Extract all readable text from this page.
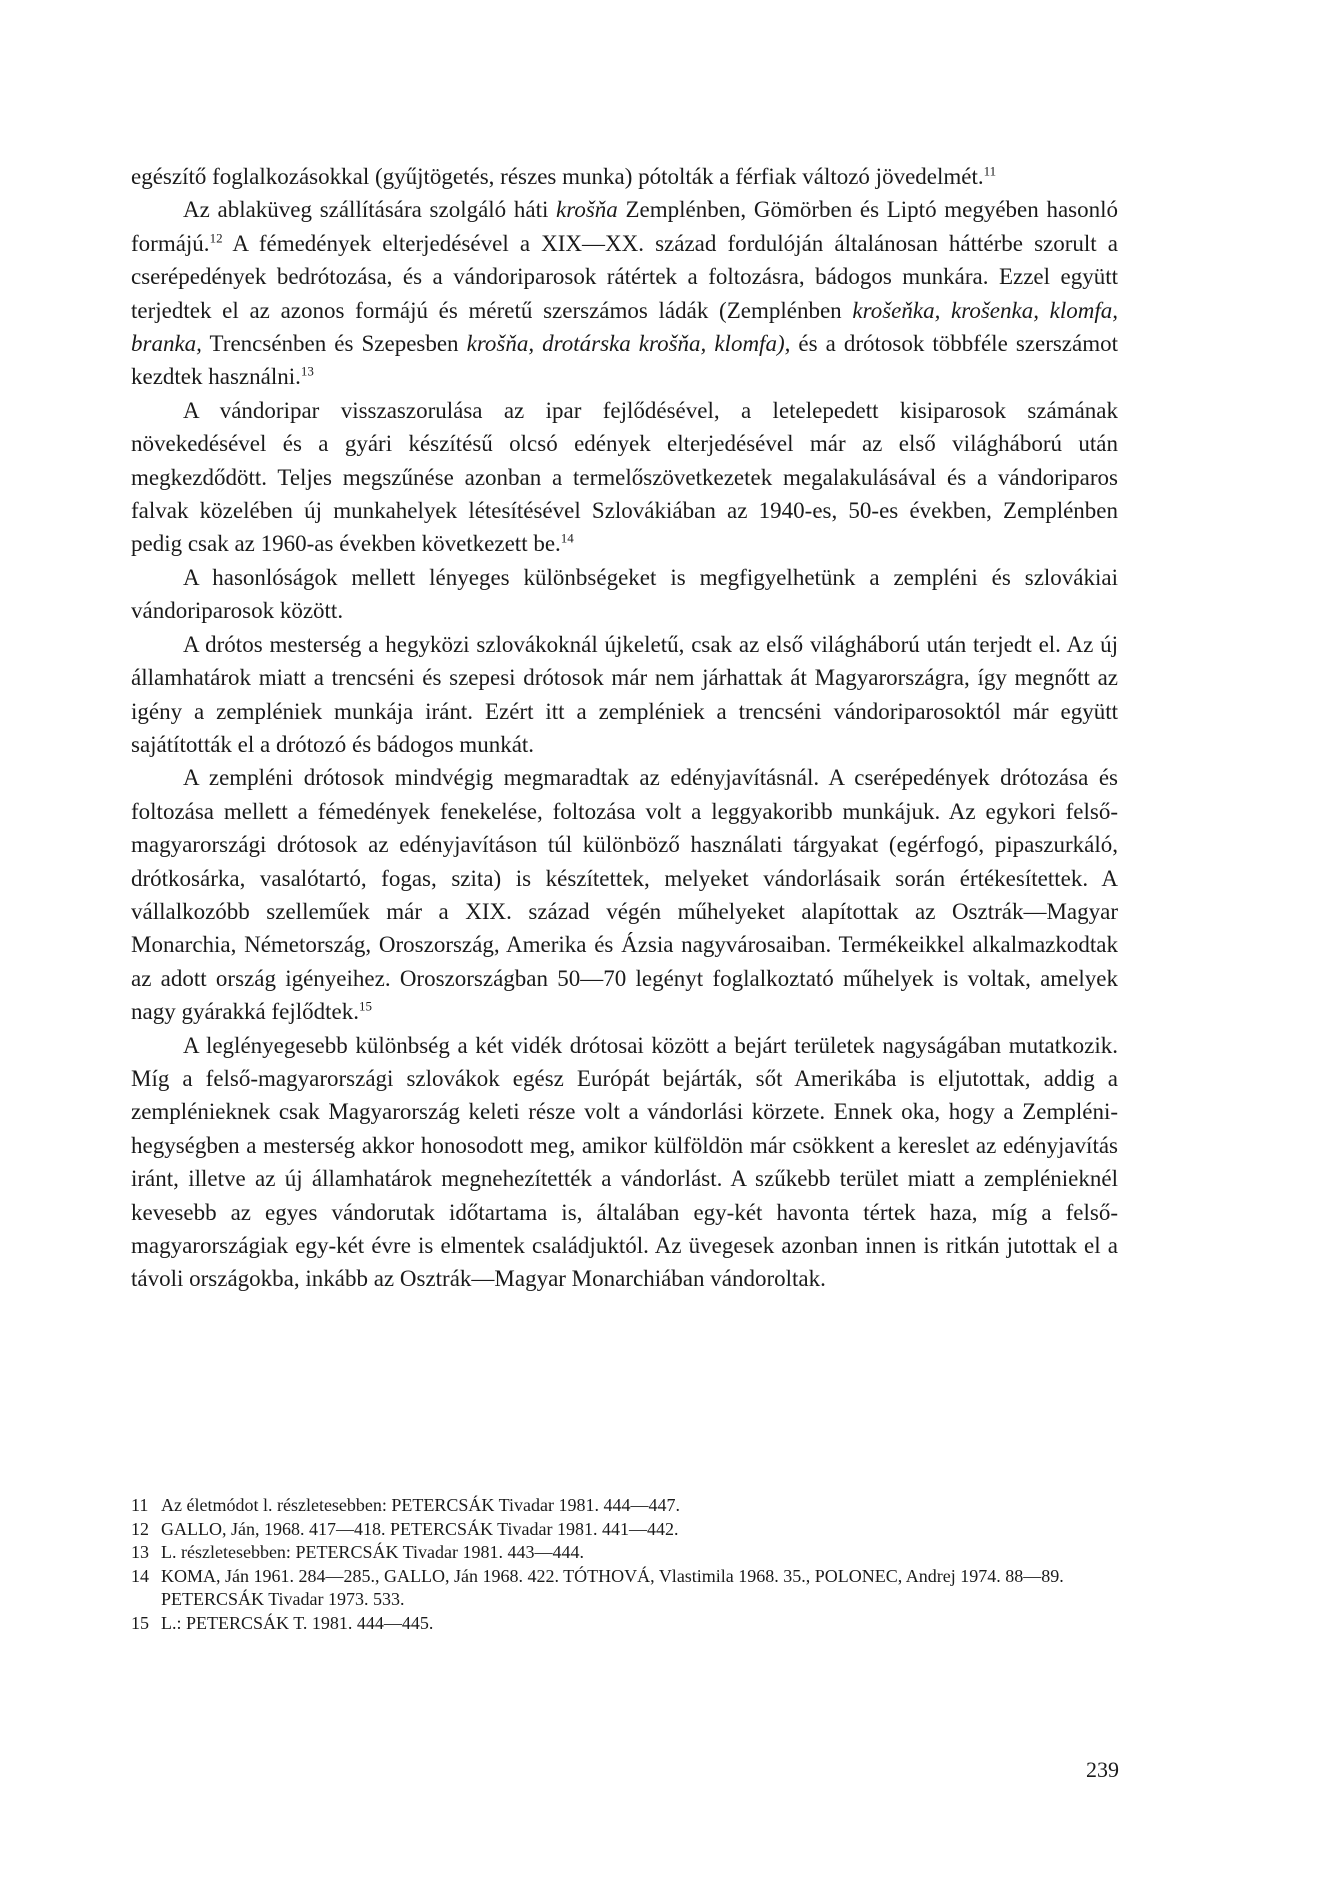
egészítő foglalkozásokkal (gyűjtögetés, részes munka) pótolták a férfiak változó jövedelmét.$^{11}$

Az ablaküveg szállítására szolgáló háti krošňa Zemplénben, Gömörben és Liptó megyében hasonló formájú.$^{12}$ A fémedények elterjedésével a XIX—XX. század fordulóján általánosan háttérbe szorult a cserépedények bedrótozása, és a vándoriparosok rátértek a foltozásra, bádogos munkára. Ezzel együtt terjedtek el az azonos formájú és méretű szerszámos ládák (Zemplénben krošeňka, krošenka, klomfa, branka, Trencsénben és Szepesben krošňa, drotárska krošňa, klomfa), és a drótosok többféle szerszámot kezdtek használni.$^{13}$

A vándoripar visszaszorulása az ipar fejlődésével, a letelepedett kisiparosok számának növekedésével és a gyári készítésű olcsó edények elterjedésével már az első világháború után megkezdődött. Teljes megszűnése azonban a termelőszövetkezetek megalakulásával és a vándoriparos falvak közelében új munkahelyek létesítésével Szlovákiában az 1940-es, 50-es években, Zemplénben pedig csak az 1960-as években következett be.$^{14}$

A hasonlóságok mellett lényeges különbségeket is megfigyelhetünk a zempléni és szlovákiai vándoriparosok között.

A drótos mesterség a hegyközi szlovákoknál újkeletű, csak az első világháború után terjedt el. Az új államhatárok miatt a trencséni és szepesi drótosok már nem járhattak át Magyarországra, így megnőtt az igény a zempléniek munkája iránt. Ezért itt a zempléniek a trencséni vándoriparosoktól már együtt sajátították el a drótozó és bádogos munkát.

A zempléni drótosok mindvégig megmaradtak az edényjavításnál. A cserépedények drótozása és foltozása mellett a fémedények fenekelése, foltozása volt a leggyakoribb munkájuk. Az egykori felső-magyarországi drótosok az edényjavításon túl különböző használati tárgyakat (egérfogó, pipaszurkáló, drótkosárka, vasalótartó, fogas, szita) is készítettek, melyeket vándorlásaik során értékesítettek. A vállalkozóbb szelleműek már a XIX. század végén műhelyeket alapítottak az Osztrák—Magyar Monarchia, Németország, Oroszország, Amerika és Ázsia nagyvárosaiban. Termékeikkel alkalmazkodtak az adott ország igényeihez. Oroszországban 50—70 legényt foglalkoztató műhelyek is voltak, amelyek nagy gyárakká fejlődtek.$^{15}$

A leglényegesebb különbség a két vidék drótosai között a bejárt területek nagyságában mutatkozik. Míg a felső-magyarországi szlovákok egész Európát bejárták, sőt Amerikába is eljutottak, addig a zemplénieknek csak Magyarország keleti része volt a vándorlási körzete. Ennek oka, hogy a Zempléni-hegységben a mesterség akkor honosodott meg, amikor külföldön már csökkent a kereslet az edényjavítás iránt, illetve az új államhatárok megnehezítették a vándorlást. A szűkebb terület miatt a zemplénieknél kevesebb az egyes vándorutak időtartama is, általában egy-két havonta tértek haza, míg a felső-magyarországiak egy-két évre is elmentek családjuktól. Az üvegesek azonban innen is ritkán jutottak el a távoli országokba, inkább az Osztrák—Magyar Monarchiában vándoroltak.

11 Az életmódot l. részletesebben: PETERCSÁK Tivadar 1981. 444—447.
12 GALLO, Ján, 1968. 417—418. PETERCSÁK Tivadar 1981. 441—442.
13 L. részletesebben: PETERCSÁK Tivadar 1981. 443—444.
14 KOMA, Ján 1961. 284—285., GALLO, Ján 1968. 422. TÓTHOVÁ, Vlastimila 1968. 35., POLONEC, Andrej 1974. 88—89. PETERCSÁK Tivadar 1973. 533.
15 L.: PETERCSÁK T. 1981. 444—445.
239
